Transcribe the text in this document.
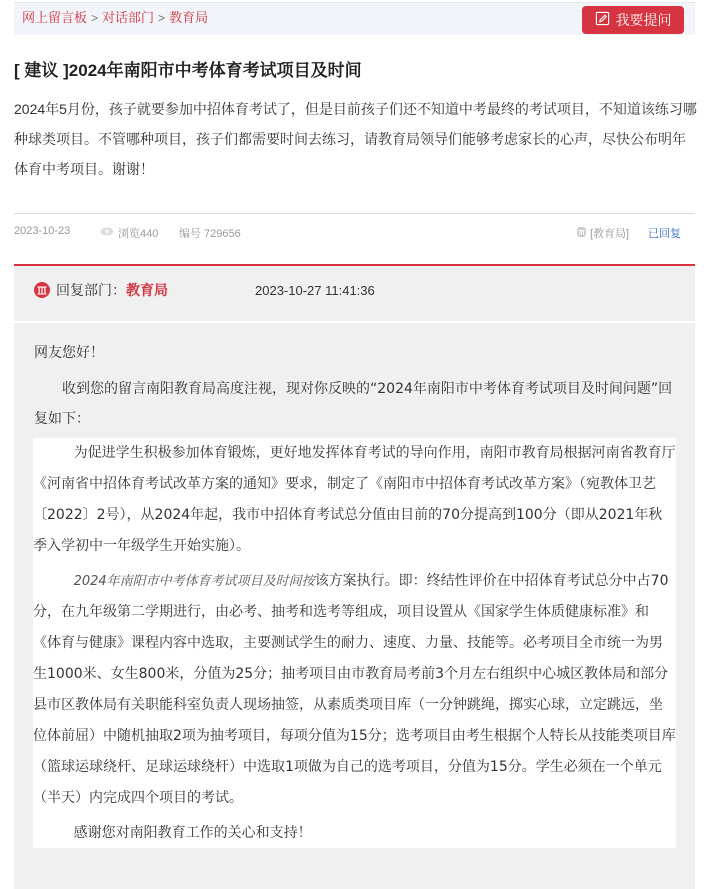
网上留言板 > 对话部门 > 教育局	我要提问
[ 建议 ]2024年南阳市中考体育考试项目及时间
2024年5月份，孩子就要参加中招体育考试了，但是目前孩子们还不知道中考最终的考试项目，不知道该练习哪种球类项目。不管哪种项目，孩子们都需要时间去练习，请教育局领导们能够考虑家长的心声，尽快公布明年体育中考项目。谢谢！
2023-10-23	浏览440 编号 729656	[教育局] 已回复
回复部门：教育局	2023-10-27 11:41:36
网友您好！
收到您的留言南阳教育局高度注视，现对你反映的“2024年南阳市中考体育考试项目及时间问题”回复如下：

为促进学生积极参加体育锻炼，更好地发挥体育考试的导向作用，南阳市教育局根据河南省教育厅《河南省中招体育考试改革方案的通知》要求，制定了《南阳市中招体育考试改革方案》（宛教体卫艺〔2022〕2号），从2024年起，我市中招体育考试总分值由目前的70分提高到100分（即从2021年秋季入学初中一年级学生开始实施）。

2024年南阳市中考体育考试项目及时间按该方案执行。即：终结性评价在中招体育考试总分中占70分，在九年级第二学期进行，由必考、抽考和选考等组成，项目设置从《国家学生体质健康标准》和《体育与健康》课程内容中选取，主要测试学生的耐力、速度、力量、技能等。必考项目全市统一为男生1000米、女生800米，分值为25分；抽考项目由市教育局考前3个月左右组织中心城区教体局和部分县市区教体局有关职能科室负责人现场抽签，从素质类项目库（一分钟跳绳，掷实心球，立定跳远，坐位体前屈）中随机抽取2项为抽考项目，每项分值为15分；选考项目由考生根据个人特长从技能类项目库（篮球运球绕杆、足球运球绕杆）中选取1项做为自己的选考项目，分值为15分。学生必须在一个单元（半天）内完成四个项目的考试。

感谢您对南阳教育工作的关心和支持！
